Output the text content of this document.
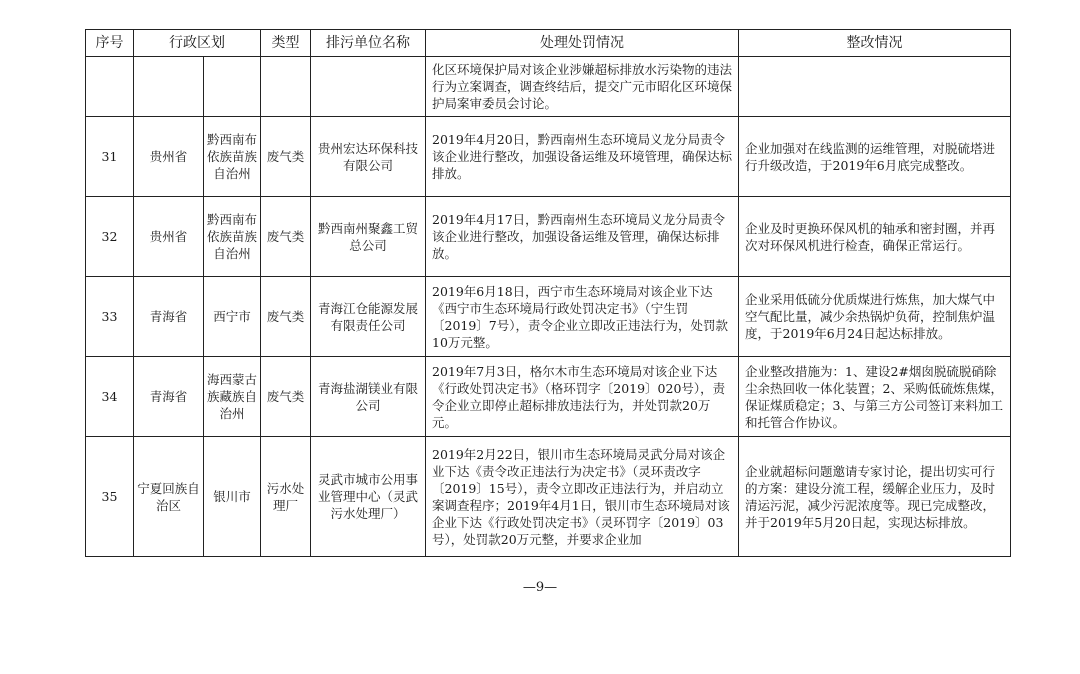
序号	行政区划		类型	排污单位名称	处理处罚情况	整改情况
					化区环境保护局对该企业涉嫌超标排放水污染物的违法行为立案调查，调查终结后，提交广元市昭化区环境保护局案审委员会讨论。	
31	贵州省	黔西南布依族苗族自治州	废气类	贵州宏达环保科技有限公司	2019年4月20日，黔西南州生态环境局义龙分局责令该企业进行整改，加强设备运维及环境管理，确保达标排放。	企业加强对在线监测的运维管理，对脱硫塔进行升级改造，于2019年6月底完成整改。
32	贵州省	黔西南布依族苗族自治州	废气类	黔西南州聚鑫工贸总公司	2019年4月17日，黔西南州生态环境局义龙分局责令该企业进行整改，加强设备运维及管理，确保达标排放。	企业及时更换环保风机的轴承和密封圈，并再次对环保风机进行检查，确保正常运行。
33	青海省	西宁市	废气类	青海江仓能源发展有限责任公司	2019年6月18日，西宁市生态环境局对该企业下达《西宁市生态环境局行政处罚决定书》（宁生罚〔2019〕7号），责令企业立即改正违法行为，处罚款10万元整。	企业采用低硫分优质煤进行炼焦，加大煤气中空气配比量，减少余热锅炉负荷，控制焦炉温度，于2019年6月24日起达标排放。
34	青海省	海西蒙古族藏族自治州	废气类	青海盐湖镁业有限公司	2019年7月3日，格尔木市生态环境局对该企业下达《行政处罚决定书》（格环罚字〔2019〕020号），责令企业立即停止超标排放违法行为，并处罚款20万元。	企业整改措施为：1、建设2#烟囱脱硫脱硝除尘余热回收一体化装置；2、采购低硫炼焦煤，保证煤质稳定；3、与第三方公司签订来料加工和托管合作协议。
35	宁夏回族自治区	银川市	污水处理厂	灵武市城市公用事业管理中心（灵武污水处理厂）	2019年2月22日，银川市生态环境局灵武分局对该企业下达《责令改正违法行为决定书》（灵环责改字〔2019〕15号），责令立即改正违法行为，并启动立案调查程序；2019年4月1日，银川市生态环境局对该企业下达《行政处罚决定书》（灵环罚字〔2019〕03号），处罚款20万元整，并要求企业加	企业就超标问题邀请专家讨论，提出切实可行的方案：建设分流工程，缓解企业压力，及时清运污泥，减少污泥浓度等。现已完成整改，并于2019年5月20日起，实现达标排放。
—9—
